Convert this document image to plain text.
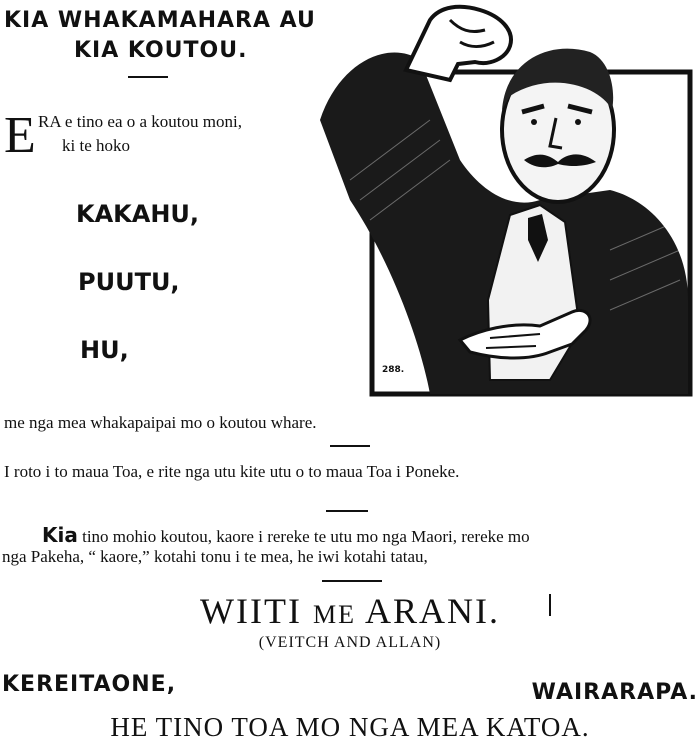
KIA WHAKAMAHARA AU
KIA KOUTOU.
E RA e tino ea o a koutou moni,
ki te hoko
KAKAHU,
PUUTU,
HU,
288.
me nga mea whakapaipai mo o koutou whare.
I roto i to maua Toa, e rite nga utu kite utu o to maua Toa i Poneke.
Kia tino mohio koutou, kaore i rereke te utu mo nga Maori, rereke mo
nga Pakeha, “ kaore,” kotahi tonu i te mea, he iwi kotahi tatau,
WIITI ME ARANI.
(VEITCH AND ALLAN)
KEREITAONE,	WAIRARAPA.
HE TINO TOA MO NGA MEA KATOA.
